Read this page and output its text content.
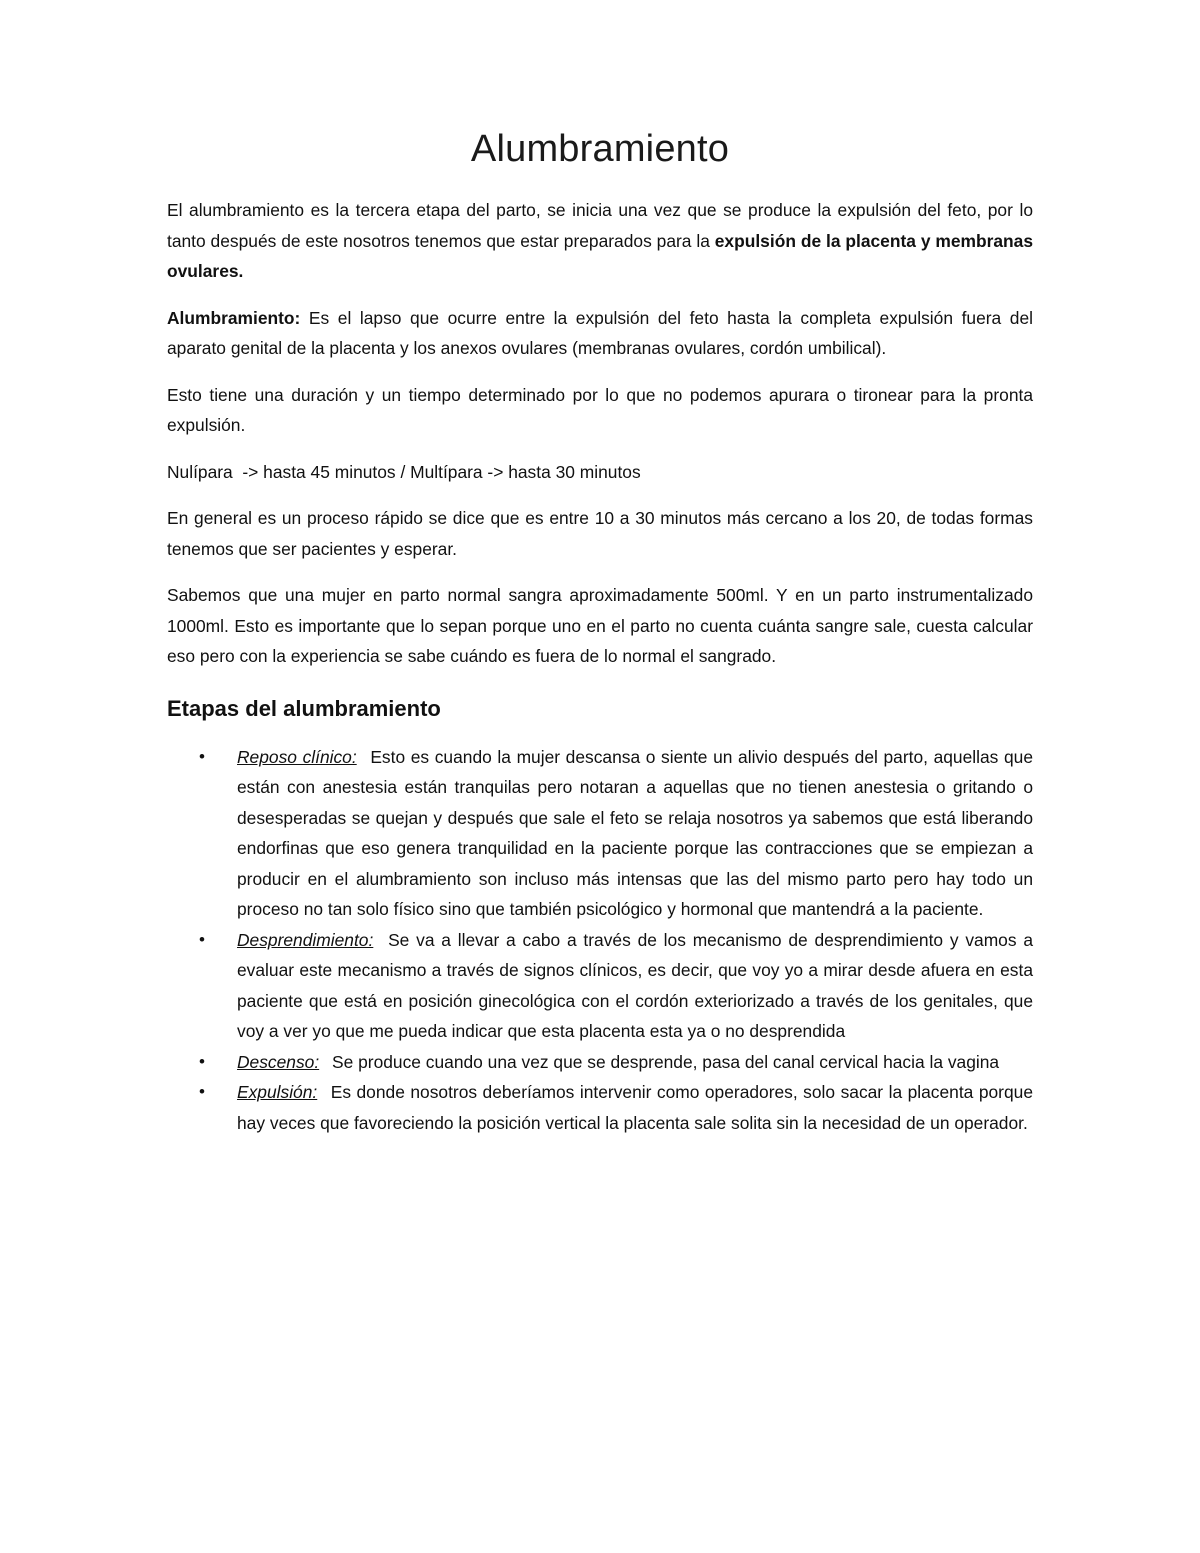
Alumbramiento

El alumbramiento es la tercera etapa del parto, se inicia una vez que se produce la expulsión del feto, por lo tanto después de este nosotros tenemos que estar preparados para la expulsión de la placenta y membranas ovulares.

Alumbramiento: Es el lapso que ocurre entre la expulsión del feto hasta la completa expulsión fuera del aparato genital de la placenta y los anexos ovulares (membranas ovulares, cordón umbilical).

Esto tiene una duración y un tiempo determinado por lo que no podemos apurara o tironear para la pronta expulsión.

Nulípara  -> hasta 45 minutos / Multípara -> hasta 30 minutos

En general es un proceso rápido se dice que es entre 10 a 30 minutos más cercano a los 20, de todas formas tenemos que ser pacientes y esperar.

Sabemos que una mujer en parto normal sangra aproximadamente 500ml. Y en un parto instrumentalizado 1000ml. Esto es importante que lo sepan porque uno en el parto no cuenta cuánta sangre sale, cuesta calcular eso pero con la experiencia se sabe cuándo es fuera de lo normal el sangrado.

Etapas del alumbramiento
• Reposo clínico: Esto es cuando la mujer descansa o siente un alivio después del parto, aquellas que están con anestesia están tranquilas pero notaran a aquellas que no tienen anestesia o gritando o desesperadas se quejan y después que sale el feto se relaja nosotros ya sabemos que está liberando endorfinas que eso genera tranquilidad en la paciente porque las contracciones que se empiezan a producir en el alumbramiento son incluso más intensas que las del mismo parto pero hay todo un proceso no tan solo físico sino que también psicológico y hormonal que mantendrá a la paciente.
• Desprendimiento: Se va a llevar a cabo a través de los mecanismo de desprendimiento y vamos a evaluar este mecanismo a través de signos clínicos, es decir, que voy yo a mirar desde afuera en esta paciente que está en posición ginecológica con el cordón exteriorizado a través de los genitales, que voy a ver yo que me pueda indicar que esta placenta esta ya o no desprendida
• Descenso: Se produce cuando una vez que se desprende, pasa del canal cervical hacia la vagina
• Expulsión: Es donde nosotros deberíamos intervenir como operadores, solo sacar la placenta porque hay veces que favoreciendo la posición vertical la placenta sale solita sin la necesidad de un operador.
